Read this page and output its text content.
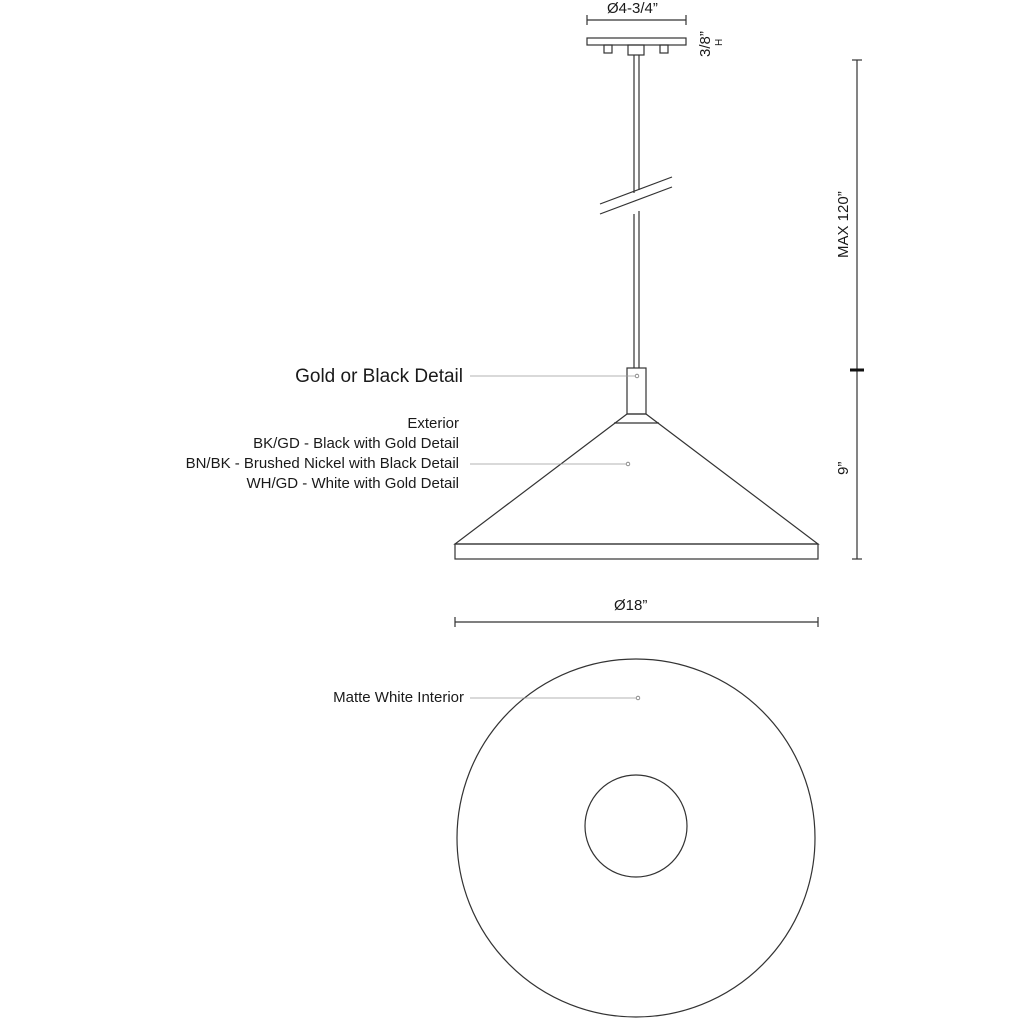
Ø4-3/4”
3/8” H
MAX 120”
9”
Ø18”
Gold or Black Detail
Exterior
BK/GD - Black with Gold Detail
BN/BK - Brushed Nickel with Black Detail
WH/GD - White with Gold Detail
Matte White Interior
